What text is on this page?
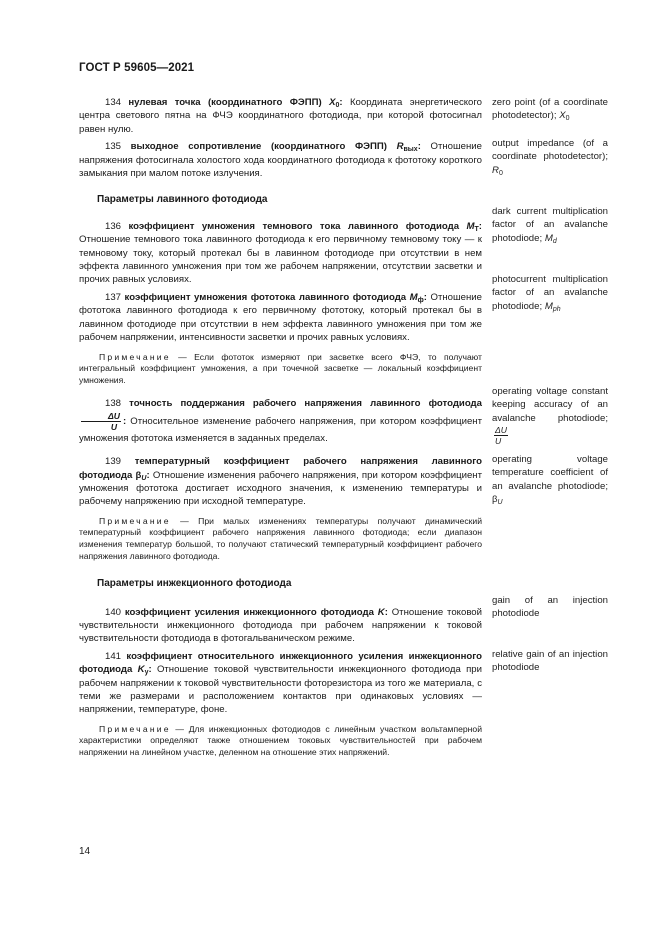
ГОСТ Р 59605—2021

134 нулевая точка (координатного ФЭПП) $X_0$: Координата энергетического центра светового пятна на ФЧЭ координатного фотодиода, при которой фотосигнал равен нулю.

135 выходное сопротивление (координатного ФЭПП) $R_{вых}$: Отношение напряжения фотосигнала холостого хода координатного фотодиода к фототоку короткого замыкания при малом потоке излучения.

Параметры лавинного фотодиода

136 коэффициент умножения темнового тока лавинного фотодиода $M_T$: Отношение темнового тока лавинного фотодиода к его первичному темновому току — к темновому току, который протекал бы в лавинном фотодиоде при отсутствии в нем эффекта лавинного умножения при том же рабочем напряжении, отсутствии засветки и прочих равных условиях.

137 коэффициент умножения фототока лавинного фотодиода $M_ф$: Отношение фототока лавинного фотодиода к его первичному фототоку, который протекал бы в лавинном фотодиоде при отсутствии в нем эффекта лавинного умножения при том же рабочем напряжении, интенсивности засветки и прочих равных условиях.

Примечание — Если фототок измеряют при засветке всего ФЧЭ, то получают интегральный коэффициент умножения, а при точечной засветке — локальный коэффициент умножения.

138 точность поддержания рабочего напряжения лавинного фотодиода
$\frac{\Delta U}{U}$ : Относительное изменение рабочего напряжения, при котором коэффициент умножения фототока изменяется в заданных пределах.

139 температурный коэффициент рабочего напряжения лавинного фотодиода $\beta_U$: Отношение изменения рабочего напряжения, при котором коэффициент умножения фототока достигает исходного значения, к изменению температуры и рабочему напряжению при исходной температуре.

Примечание — При малых изменениях температуры получают динамический температурный коэффициент рабочего напряжения лавинного фотодиода; если диапазон изменения температур большой, то получают статический температурный коэффициент рабочего напряжения лавинного фотодиода.

Параметры инжекционного фотодиода

140 коэффициент усиления инжекционного фотодиода K: Отношение токовой чувствительности инжекционного фотодиода при рабочем напряжении к токовой чувствительности фотодиода в фотогальваническом режиме.

141 коэффициент относительного инжекционного усиления инжекционного фотодиода $K_y$: Отношение токовой чувствительности инжекционного фотодиода при рабочем напряжении к токовой чувствительности фоторезистора из того же материала, с теми же размерами и расположением контактов при одинаковых условиях — напряжении, температуре, фоне.

Примечание — Для инжекционных фотодиодов с линейным участком вольтамперной характеристики определяют также отношением токовых чувствительностей при рабочем напряжении на линейном участке, деленном на отношение этих напряжений.

zero point (of a coordinate photodetector); $X_0$
output impedance (of a coordinate photodetector); $R_0$
dark current multiplication factor of an avalanche photodiode; $M_d$
photocurrent multiplication factor of an avalanche photodiode; $M_{ph}$
operating voltage constant keeping accuracy of an avalanche photodiode;
$\frac{\Delta U}{U}$
operating voltage temperature coefficient of an avalanche photodiode; $\beta_U$
gain of an injection photodiode
relative gain of an injection photodiode
14
